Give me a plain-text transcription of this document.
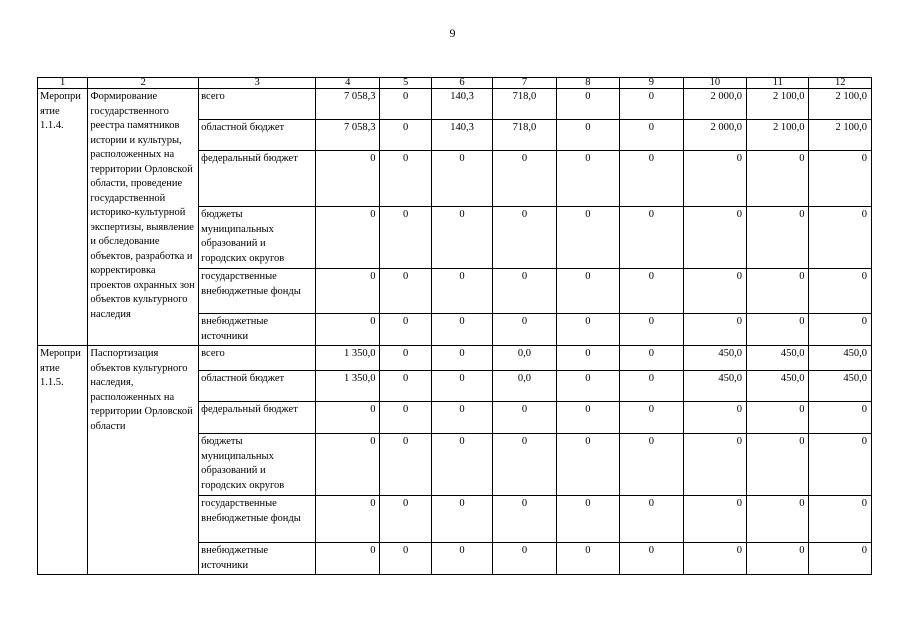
9
1	2	3	4	5	6	7	8	9	10	11	12
Мероприятие 1.1.4.	Формирование государственного реестра памятников истории и культуры, расположенных на территории Орловской области, проведение государственной историко-культурной экспертизы, выявление и обследование объектов, разработка и корректировка проектов охранных зон объектов культурного наследия	всего	7 058,3	0	140,3	718,0	0	0	2 000,0	2 100,0	2 100,0
		областной бюджет	7 058,3	0	140,3	718,0	0	0	2 000,0	2 100,0	2 100,0
		федеральный бюджет	0	0	0	0	0	0	0	0	0
		бюджеты муниципальных образований и городских округов	0	0	0	0	0	0	0	0	0
		государственные внебюджетные фонды	0	0	0	0	0	0	0	0	0
		внебюджетные источники	0	0	0	0	0	0	0	0	0
Мероприятие 1.1.5.	Паспортизация объектов культурного наследия, расположенных на территории Орловской области	всего	1 350,0	0	0	0,0	0	0	450,0	450,0	450,0
		областной бюджет	1 350,0	0	0	0,0	0	0	450,0	450,0	450,0
		федеральный бюджет	0	0	0	0	0	0	0	0	0
		бюджеты муниципальных образований и городских округов	0	0	0	0	0	0	0	0	0
		государственные внебюджетные фонды	0	0	0	0	0	0	0	0	0
		внебюджетные источники	0	0	0	0	0	0	0	0	0
